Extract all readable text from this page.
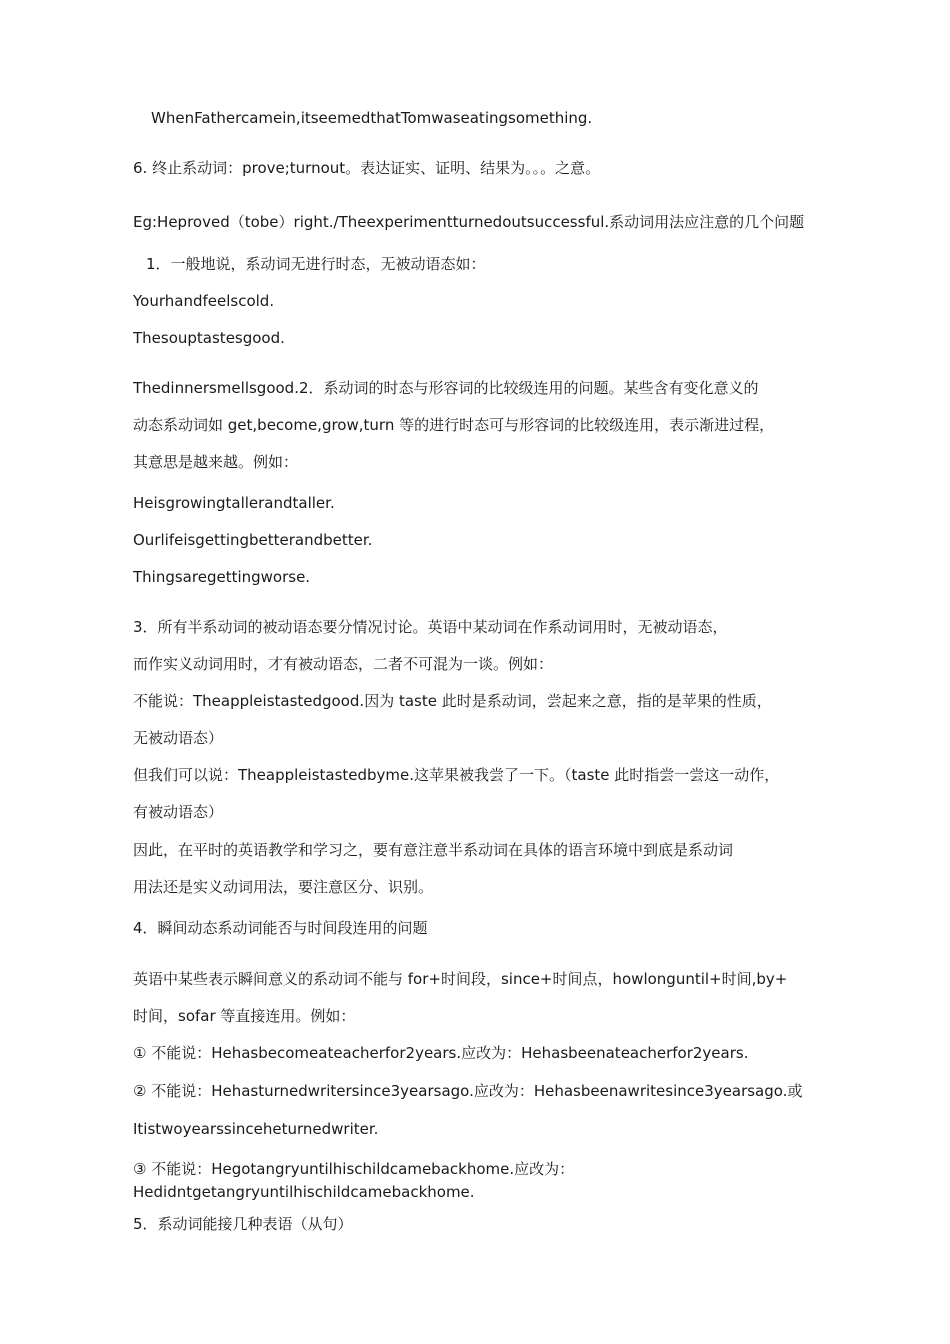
WhenFathercamein,itseemedthatTomwaseatingsomething.
6. 终止系动词：prove;turnout。表达证实、证明、结果为。。。之意。
Eg:Heproved（tobe）right./Theexperimentturnedoutsuccessful.系动词用法应注意的几个问题
1．一般地说，系动词无进行时态，无被动语态如：
Yourhandfeelscold.
Thesouptastesgood.
Thedinnersmellsgood.2．系动词的时态与形容词的比较级连用的问题。某些含有变化意义的
动态系动词如 get,become,grow,turn 等的进行时态可与形容词的比较级连用，表示渐进过程，
其意思是越来越。例如：
Heisgrowingtallerandtaller.
Ourlifeisgettingbetterandbetter.
Thingsaregettingworse.
3．所有半系动词的被动语态要分情况讨论。英语中某动词在作系动词用时，无被动语态，
而作实义动词用时，才有被动语态，二者不可混为一谈。例如：
不能说：Theappleistastedgood.因为 taste 此时是系动词，尝起来之意，指的是苹果的性质，
无被动语态）
但我们可以说：Theappleistastedbyme.这苹果被我尝了一下。（taste 此时指尝一尝这一动作，
有被动语态）
因此，在平时的英语教学和学习之，要有意注意半系动词在具体的语言环境中到底是系动词
用法还是实义动词用法，要注意区分、识别。
4．瞬间动态系动词能否与时间段连用的问题
英语中某些表示瞬间意义的系动词不能与 for+时间段，since+时间点，howlonguntil+时间,by+
时间，sofar 等直接连用。例如：
① 不能说：Hehasbecomeateacherfor2years.应改为：Hehasbeenateacherfor2years.
② 不能说：Hehasturnedwritersince3yearsago.应改为：Hehasbeenawritesince3yearsago.或
Itistwoyearssinceheturnedwriter.
③ 不能说：Hegotangryuntilhischildcamebackhome.应改为：
Hedidntgetangryuntilhischildcamebackhome.
5．系动词能接几种表语（从句）
